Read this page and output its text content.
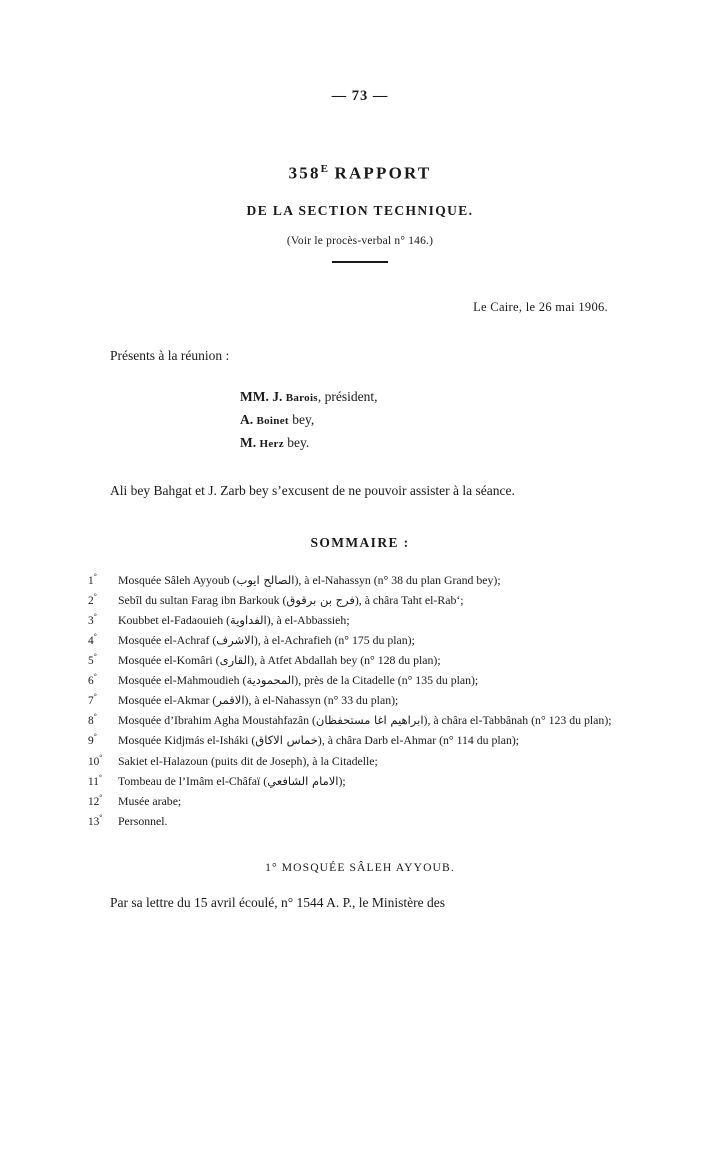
— 73 —
$358^E$ RAPPORT
DE LA SECTION TECHNIQUE.
(Voir le procès-verbal n° 146.)
Le Caire, le 26 mai 1906.
Présents à la réunion :
MM. J. Barois, président,
A. Boinet bey,
M. Herz bey.
Ali bey Bahgat et J. Zarb bey s’excusent de ne pouvoir assister à la séance.
SOMMAIRE :
1°	Mosquée Sâleh Ayyoub (الصالح ايوب), à el-Nahassyn (n° 38 du plan Grand bey);
2°	Sebîl du sultan Farag ibn Barkouk (فرج بن برقوق), à châra Taht el-Rab‘;
3°	Koubbet el-Fadaouieh (الفداوية), à el-Abbassieh;
4°	Mosquée el-Achraf (الاشرف), à el-Achrafieh (n° 175 du plan);
5°	Mosquée el-Komâri (القارى), à Atfet Abdallah bey (n° 128 du plan);
6°	Mosquée el-Mahmoudieh (المحمودية), près de la Citadelle (n° 135 du plan);
7°	Mosquée el-Akmar (الاقمر), à el-Nahassyn (n° 33 du plan);
8°	Mosquée d’Ibrahim Agha Moustahfazân (ابراهيم اغا مستحفظان), à châra el-Tabbânah (n° 123 du plan);
9°	Mosquée Kidjmás el-Isháki (خماس الاكاق), à châra Darb el-Ahmar (n° 114 du plan);
10°	Sakiet el-Halazoun (puits dit de Joseph), à la Citadelle;
11°	Tombeau de l’Imâm el-Châfaï (الامام الشافعي);
12°	Musée arabe;
13°	Personnel.
1° MOSQUÉE SÂLEH AYYOUB.
Par sa lettre du 15 avril écoulé, n° 1544 A. P., le Ministère des
